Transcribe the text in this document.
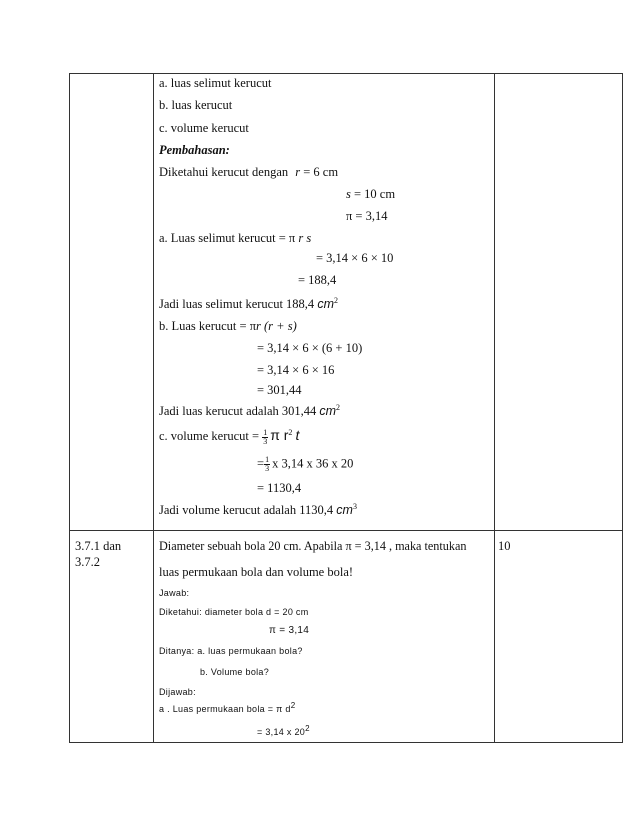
a. luas selimut kerucut
b. luas kerucut
c. volume kerucut
Pembahasan:
Diketahui kerucut dengan r = 6 cm
s = 10 cm
π = 3,14
a. Luas selimut kerucut = π r s
= 3,14 × 6 × 10
= 188,4
Jadi luas selimut kerucut 188,4 $cm^2$
b. Luas kerucut = πr (r + s)
= 3,14 × 6 × (6 + 10)
= 3,14 × 6 × 16
= 301,44
Jadi luas kerucut adalah 301,44 $cm^2$
c. volume kerucut = $\frac{1}{3}$ π $r^2$ t
= $\frac{1}{3}$ x 3,14 x 36 x 20
= 1130,4
Jadi volume kerucut adalah 1130,4 $cm^3$
3.7.1 dan
3.7.2
Diameter sebuah bola 20 cm. Apabila π = 3,14 , maka tentukan
luas permukaan bola dan volume bola!
10
Jawab:
Diketahui: diameter bola d = 20 cm
π = 3,14
Ditanya: a. luas permukaan bola?
b. Volume bola?
Dijawab:
a . Luas permukaan bola = π $d^2$
= 3,14 x $20^2$
